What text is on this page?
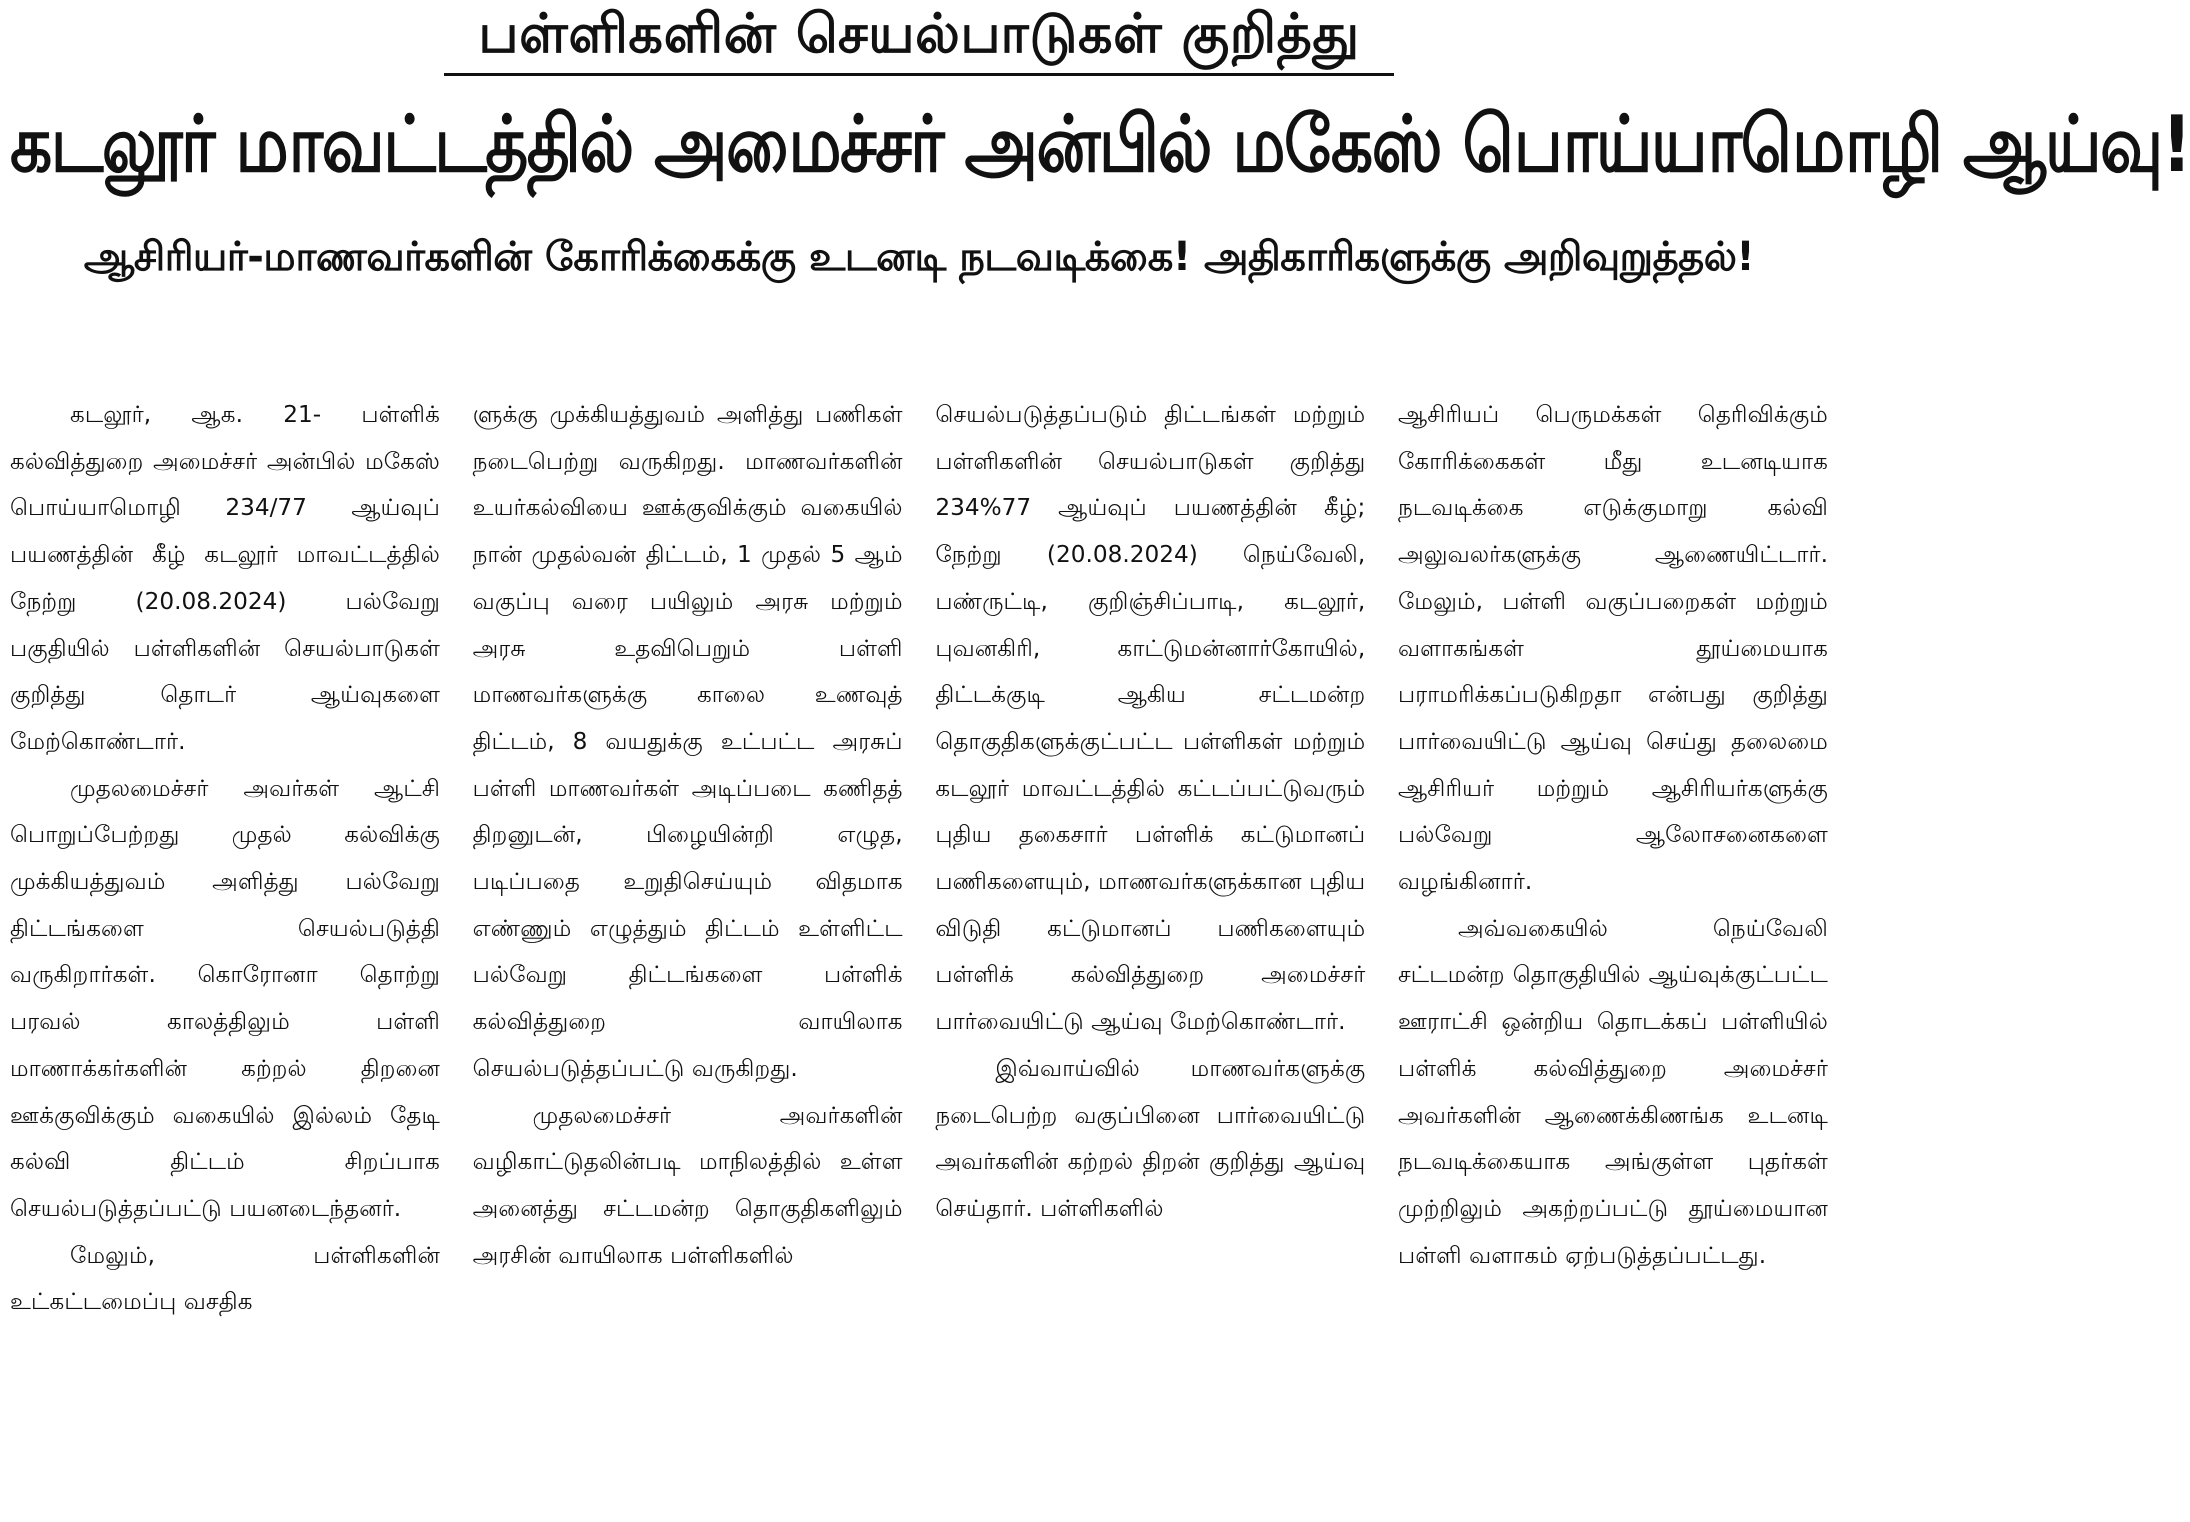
பள்ளிகளின் செயல்பாடுகள் குறித்து
கடலூர் மாவட்டத்தில் அமைச்சர் அன்பில் மகேஸ் பொய்யாமொழி ஆய்வு!
ஆசிரியர்-மாணவர்களின் கோரிக்கைக்கு உடனடி நடவடிக்கை! அதிகாரிகளுக்கு அறிவுறுத்தல்!

கடலூர், ஆக. 21- பள்ளிக் கல்வித்துறை அமைச்சர் அன்பில் மகேஸ் பொய்யாமொழி 234/77 ஆய்வுப் பயணத்தின் கீழ் கடலூர் மாவட்டத்தில் நேற்று (20.08.2024) பல்வேறு பகுதியில் பள்ளிகளின் செயல்பாடுகள் குறித்து தொடர் ஆய்வுகளை மேற்கொண்டார்.

முதலமைச்சர் அவர்கள் ஆட்சி பொறுப்பேற்றது முதல் கல்விக்கு முக்கியத்துவம் அளித்து பல்வேறு திட்டங்களை செயல்படுத்தி வருகிறார்கள். கொரோனா தொற்று பரவல் காலத்திலும் பள்ளி மாணாக்கர்களின் கற்றல் திறனை ஊக்குவிக்கும் வகையில் இல்லம் தேடி கல்வி திட்டம் சிறப்பாக செயல்படுத்தப்பட்டு பயனடைந்தனர்.

மேலும், பள்ளிகளின் உட்கட்டமைப்பு வசதிக

ளுக்கு முக்கியத்துவம் அளித்து பணிகள் நடைபெற்று வருகிறது. மாணவர்களின் உயர்கல்வியை ஊக்குவிக்கும் வகையில் நான் முதல்வன் திட்டம், 1 முதல் 5 ஆம் வகுப்பு வரை பயிலும் அரசு மற்றும் அரசு உதவிபெறும் பள்ளி மாணவர்களுக்கு காலை உணவுத் திட்டம், 8 வயதுக்கு உட்பட்ட அரசுப் பள்ளி மாணவர்கள் அடிப்படை கணிதத் திறனுடன், பிழையின்றி எழுத, படிப்பதை உறுதிசெய்யும் விதமாக எண்ணும் எழுத்தும் திட்டம் உள்ளிட்ட பல்வேறு திட்டங்களை பள்ளிக் கல்வித்துறை வாயிலாக செயல்படுத்தப்பட்டு வருகிறது.

முதலமைச்சர் அவர்களின் வழிகாட்டுதலின்படி மாநிலத்தில் உள்ள அனைத்து சட்டமன்ற தொகுதிகளிலும் அரசின் வாயிலாக பள்ளிகளில்

செயல்படுத்தப்படும் திட்டங்கள் மற்றும் பள்ளிகளின் செயல்பாடுகள் குறித்து 234%77 ஆய்வுப் பயணத்தின் கீழ்; நேற்று (20.08.2024) நெய்வேலி, பண்ருட்டி, குறிஞ்சிப்பாடி, கடலூர், புவனகிரி, காட்டுமன்னார்கோயில், திட்டக்குடி ஆகிய சட்டமன்ற தொகுதிகளுக்குட்பட்ட பள்ளிகள் மற்றும் கடலூர் மாவட்டத்தில் கட்டப்பட்டுவரும் புதிய தகைசார் பள்ளிக் கட்டுமானப் பணிகளையும், மாணவர்களுக்கான புதிய விடுதி கட்டுமானப் பணிகளையும் பள்ளிக் கல்வித்துறை அமைச்சர் பார்வையிட்டு ஆய்வு மேற்கொண்டார்.

இவ்வாய்வில் மாணவர்களுக்கு நடைபெற்ற வகுப்பினை பார்வையிட்டு அவர்களின் கற்றல் திறன் குறித்து ஆய்வு செய்தார். பள்ளிகளில்

ஆசிரியப் பெருமக்கள் தெரிவிக்கும் கோரிக்கைகள் மீது உடனடியாக நடவடிக்கை எடுக்குமாறு கல்வி அலுவலர்களுக்கு ஆணையிட்டார். மேலும், பள்ளி வகுப்பறைகள் மற்றும் வளாகங்கள் தூய்மையாக பராமரிக்கப்படுகிறதா என்பது குறித்து பார்வையிட்டு ஆய்வு செய்து தலைமை ஆசிரியர் மற்றும் ஆசிரியர்களுக்கு பல்வேறு ஆலோசனைகளை வழங்கினார்.

அவ்வகையில் நெய்வேலி சட்டமன்ற தொகுதியில் ஆய்வுக்குட்பட்ட ஊராட்சி ஒன்றிய தொடக்கப் பள்ளியில் பள்ளிக் கல்வித்துறை அமைச்சர் அவர்களின் ஆணைக்கிணங்க உடனடி நடவடிக்கையாக அங்குள்ள புதர்கள் முற்றிலும் அகற்றப்பட்டு தூய்மையான பள்ளி வளாகம் ஏற்படுத்தப்பட்டது.
